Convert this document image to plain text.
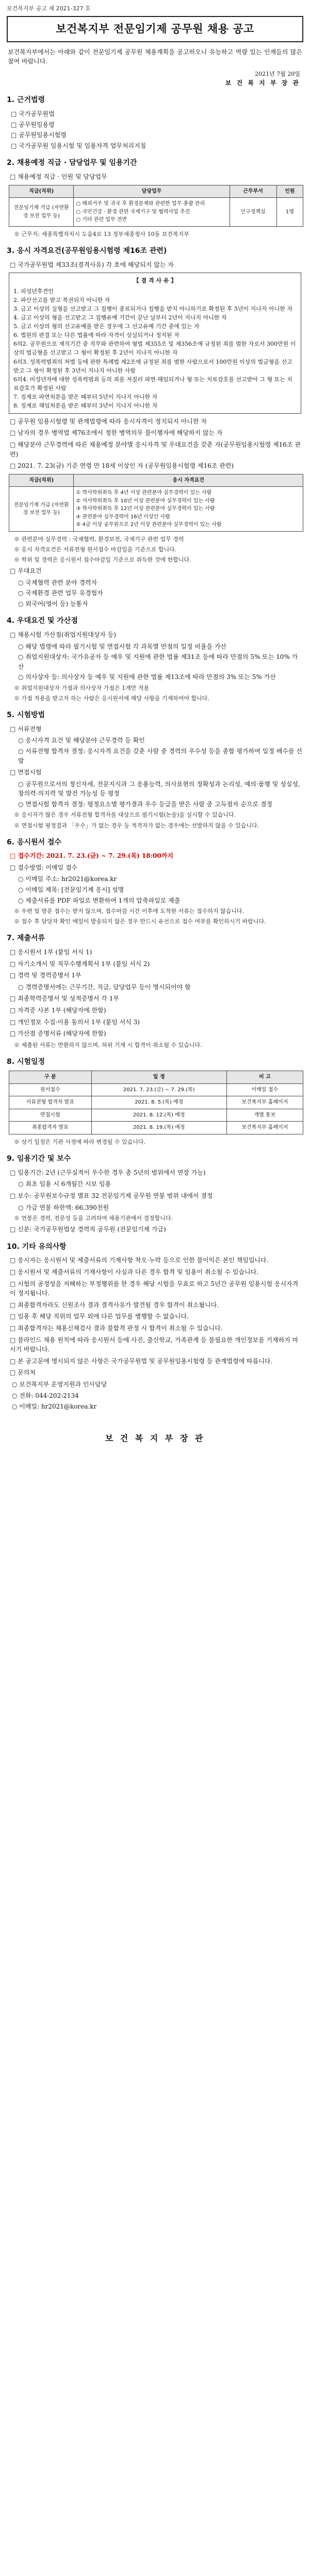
보건복지부 공고 제 2021-327 호
보건복지부 전문임기제 공무원 채용 공고

보건복지부에서는 아래와 같이 전문임기제 공무원 채용계획을 공고하오니 유능하고 역량 있는 인재들의 많은 참여 바랍니다.

2021년 7월 20일
보 건 복 지 부 장 관
1. 근거법령
□ 국가공무원법
□ 공무원임용령
□ 공무원임용시험령
□ 국가공무원 임용시험 및 임용자격 업무처리지침
2. 채용예정 직급 · 담당업무 및 임용기간
□ 채용예정 직급 · 인원 및 담당업무
직급(직위)	담당업무	근무부서	인원
전문임기제 가급 (자연환경 보전 업무 등)	○ 해외거주 및 귀국 후 환경문제와 관련한 업무 총괄 관리
○ 국민건강 · 환경 관련 국제기구 및 협력사업 추진
○ 기타 관련 업무 전반	인구정책실	1명
※ 근무지: 세종특별자치시 도움4로 13 정부세종청사 10동 보건복지부
3. 응시 자격요건(공무원임용시험령 제16조 관련)
□ 국가공무원법 제33조(결격사유) 각 호에 해당되지 않는 자
【 결 격 사 유 】
1. 피성년후견인
2. 파산선고를 받고 복권되지 아니한 자
3. 금고 이상의 실형을 선고받고 그 집행이 종료되거나 집행을 받지 아니하기로 확정된 후 5년이 지나지 아니한 자
4. 금고 이상의 형을 선고받고 그 집행유예 기간이 끝난 날부터 2년이 지나지 아니한 자
5. 금고 이상의 형의 선고유예를 받은 경우에 그 선고유예 기간 중에 있는 자
6. 법원의 판결 또는 다른 법률에 따라 자격이 상실되거나 정지된 자
6의2. 공무원으로 재직기간 중 직무와 관련하여 형법 제355조 및 제356조에 규정된 죄를 범한 자로서 300만원 이상의 벌금형을 선고받고 그 형이 확정된 후 2년이 지나지 아니한 자
6의3. 성폭력범죄의 처벌 등에 관한 특례법 제2조에 규정된 죄를 범한 사람으로서 100만원 이상의 벌금형을 선고받고 그 형이 확정된 후 3년이 지나지 아니한 사람
6의4. 미성년자에 대한 성폭력범죄 등의 죄를 저질러 파면·해임되거나 형 또는 치료감호를 선고받아 그 형 또는 치료감호가 확정된 사람
7. 징계로 파면처분을 받은 때부터 5년이 지나지 아니한 자
8. 징계로 해임처분을 받은 때부터 3년이 지나지 아니한 자
□ 공무원 임용시험령 및 관계법령에 따라 응시자격이 정지되지 아니한 자
□ 남자의 경우 병역법 제76조에서 정한 병역의무 불이행자에 해당하지 않는 자
□ 해당분야 근무경력에 따른 채용예정 분야별 응시자격 및 우대요건을 갖춘 자(공무원임용시험령 제16조 관련)
□ 2021. 7. 23(금) 기준 연령 만 18세 이상인 자 (공무원임용시험령 제16조 관련)
직급(직위)	응시 자격요건
전문임기제 가급 (자연환경 보전 업무 등)	① 박사학위취득 후 4년 이상 관련분야 실무경력이 있는 사람
② 석사학위취득 후 10년 이상 관련분야 실무경력이 있는 사람
③ 학사학위취득 후 12년 이상 관련분야 실무경력이 있는 사람
④ 관련분야 실무경력이 16년 이상인 사람
⑤ 4급 이상 공무원으로 2년 이상 관련분야 실무경력이 있는 사람
※ 관련분야 실무경력 : 국제협력, 환경보전, 국제기구 관련 업무 경력
※ 응시 자격요건은 서류전형 원서접수 마감일을 기준으로 합니다.
※ 학위 및 경력은 응시원서 접수마감일 기준으로 취득한 것에 한합니다.
□ 우대요건
○ 국제협력 관련 분야 경력자
○ 국제환경 관련 업무 유경험자
○ 외국어(영어 등) 능통자
4. 우대요건 및 가산점
□ 채용시험 가산점(취업지원대상자 등)
○ 해당 법령에 따라 필기시험 및 면접시험 각 과목별 만점의 일정 비율을 가산
○ 취업지원대상자: 국가유공자 등 예우 및 지원에 관한 법률 제31조 등에 따라 만점의 5% 또는 10% 가산
○ 의사상자 등: 의사상자 등 예우 및 지원에 관한 법률 제13조에 따라 만점의 3% 또는 5% 가산
※ 취업지원대상자 가점과 의사상자 가점은 1개만 적용
※ 가점 적용을 받고자 하는 사람은 응시원서에 해당 사항을 기재하여야 합니다.
5. 시험방법
□ 서류전형
○ 응시자격 요건 및 해당분야 근무경력 등 확인
○ 서류전형 합격자 결정: 응시자격 요건을 갖춘 사람 중 경력의 우수성 등을 종합 평가하여 일정 배수를 선발
□ 면접시험
○ 공무원으로서의 정신자세, 전문지식과 그 응용능력, 의사표현의 정확성과 논리성, 예의·품행 및 성실성, 창의력·의지력 및 발전 가능성 등 평정
○ 면접시험 합격자 결정: 평정요소별 평가결과 우수 등급을 받은 사람 중 고득점자 순으로 결정
※ 응시자가 많은 경우 서류전형 합격자를 대상으로 필기시험(논술)을 실시할 수 있습니다.
※ 면접시험 평정결과 「우수」가 없는 경우 등 적격자가 없는 경우에는 선발하지 않을 수 있습니다.
6. 응시원서 접수
□ 접수기간: 2021. 7. 23.(금) ~ 7. 29.(목) 18:00까지
□ 접수방법: 이메일 접수
○ 이메일 주소: hr2021@korea.kr
○ 이메일 제목: [전문임기제 응시] 성명
○ 제출서류를 PDF 파일로 변환하여 1개의 압축파일로 제출
※ 우편 및 방문 접수는 받지 않으며, 접수마감 시간 이후에 도착한 서류는 접수하지 않습니다.
※ 접수 후 담당자 확인 메일이 발송되지 않은 경우 반드시 유선으로 접수 여부를 확인하시기 바랍니다.
7. 제출서류
□ 응시원서 1부 (붙임 서식 1)
□ 자기소개서 및 직무수행계획서 1부 (붙임 서식 2)
□ 경력 및 경력증명서 1부
○ 경력증명서에는 근무기간, 직급, 담당업무 등이 명시되어야 함
□ 최종학력증명서 및 성적증명서 각 1부
□ 자격증 사본 1부 (해당자에 한함)
□ 개인정보 수집·이용 동의서 1부 (붙임 서식 3)
□ 가산점 증명서류 (해당자에 한함)
※ 제출된 서류는 반환하지 않으며, 허위 기재 시 합격이 취소될 수 있습니다.
8. 시험일정
구 분	일 정	비 고
원서접수	2021. 7. 23.(금) ~ 7. 29.(목)	이메일 접수
서류전형 합격자 발표	2021. 8. 5.(목) 예정	보건복지부 홈페이지
면접시험	2021. 8. 12.(목) 예정	개별 통보
최종합격자 발표	2021. 8. 19.(목) 예정	보건복지부 홈페이지
※ 상기 일정은 기관 사정에 따라 변경될 수 있습니다.
9. 임용기간 및 보수
□ 임용기간: 2년 (근무실적이 우수한 경우 총 5년의 범위에서 연장 가능)
○ 최초 임용 시 6개월간 시보 임용
□ 보수: 공무원보수규정 별표 32 전문임기제 공무원 연봉 범위 내에서 결정
○ 가급 연봉 하한액: 66,390천원
※ 연봉은 경력, 전문성 등을 고려하여 채용기관에서 결정합니다.
□ 신분: 국가공무원법상 경력직 공무원 (전문임기제 가급)
10. 기타 유의사항
□ 응시자는 응시원서 및 제출서류의 기재사항 착오·누락 등으로 인한 불이익은 본인 책임입니다.
□ 응시원서 및 제출서류의 기재사항이 사실과 다른 경우 합격 및 임용이 취소될 수 있습니다.
□ 시험의 공정성을 저해하는 부정행위를 한 경우 해당 시험을 무효로 하고 5년간 공무원 임용시험 응시자격이 정지됩니다.
□ 최종합격자라도 신원조사 결과 결격사유가 발견될 경우 합격이 취소됩니다.
□ 임용 후 해당 직위의 업무 외에 다른 업무를 병행할 수 없습니다.
□ 최종합격자는 채용신체검사 결과 불합격 판정 시 합격이 취소될 수 있습니다.
□ 블라인드 채용 원칙에 따라 응시원서 등에 사진, 출신학교, 가족관계 등 불필요한 개인정보를 기재하지 마시기 바랍니다.
□ 본 공고문에 명시되지 않은 사항은 국가공무원법 및 공무원임용시험령 등 관계법령에 따릅니다.
□ 문의처
○ 보건복지부 운영지원과 인사담당
○ 전화: 044-202-2134
○ 이메일: hr2021@korea.kr
보 건 복 지 부 장 관
